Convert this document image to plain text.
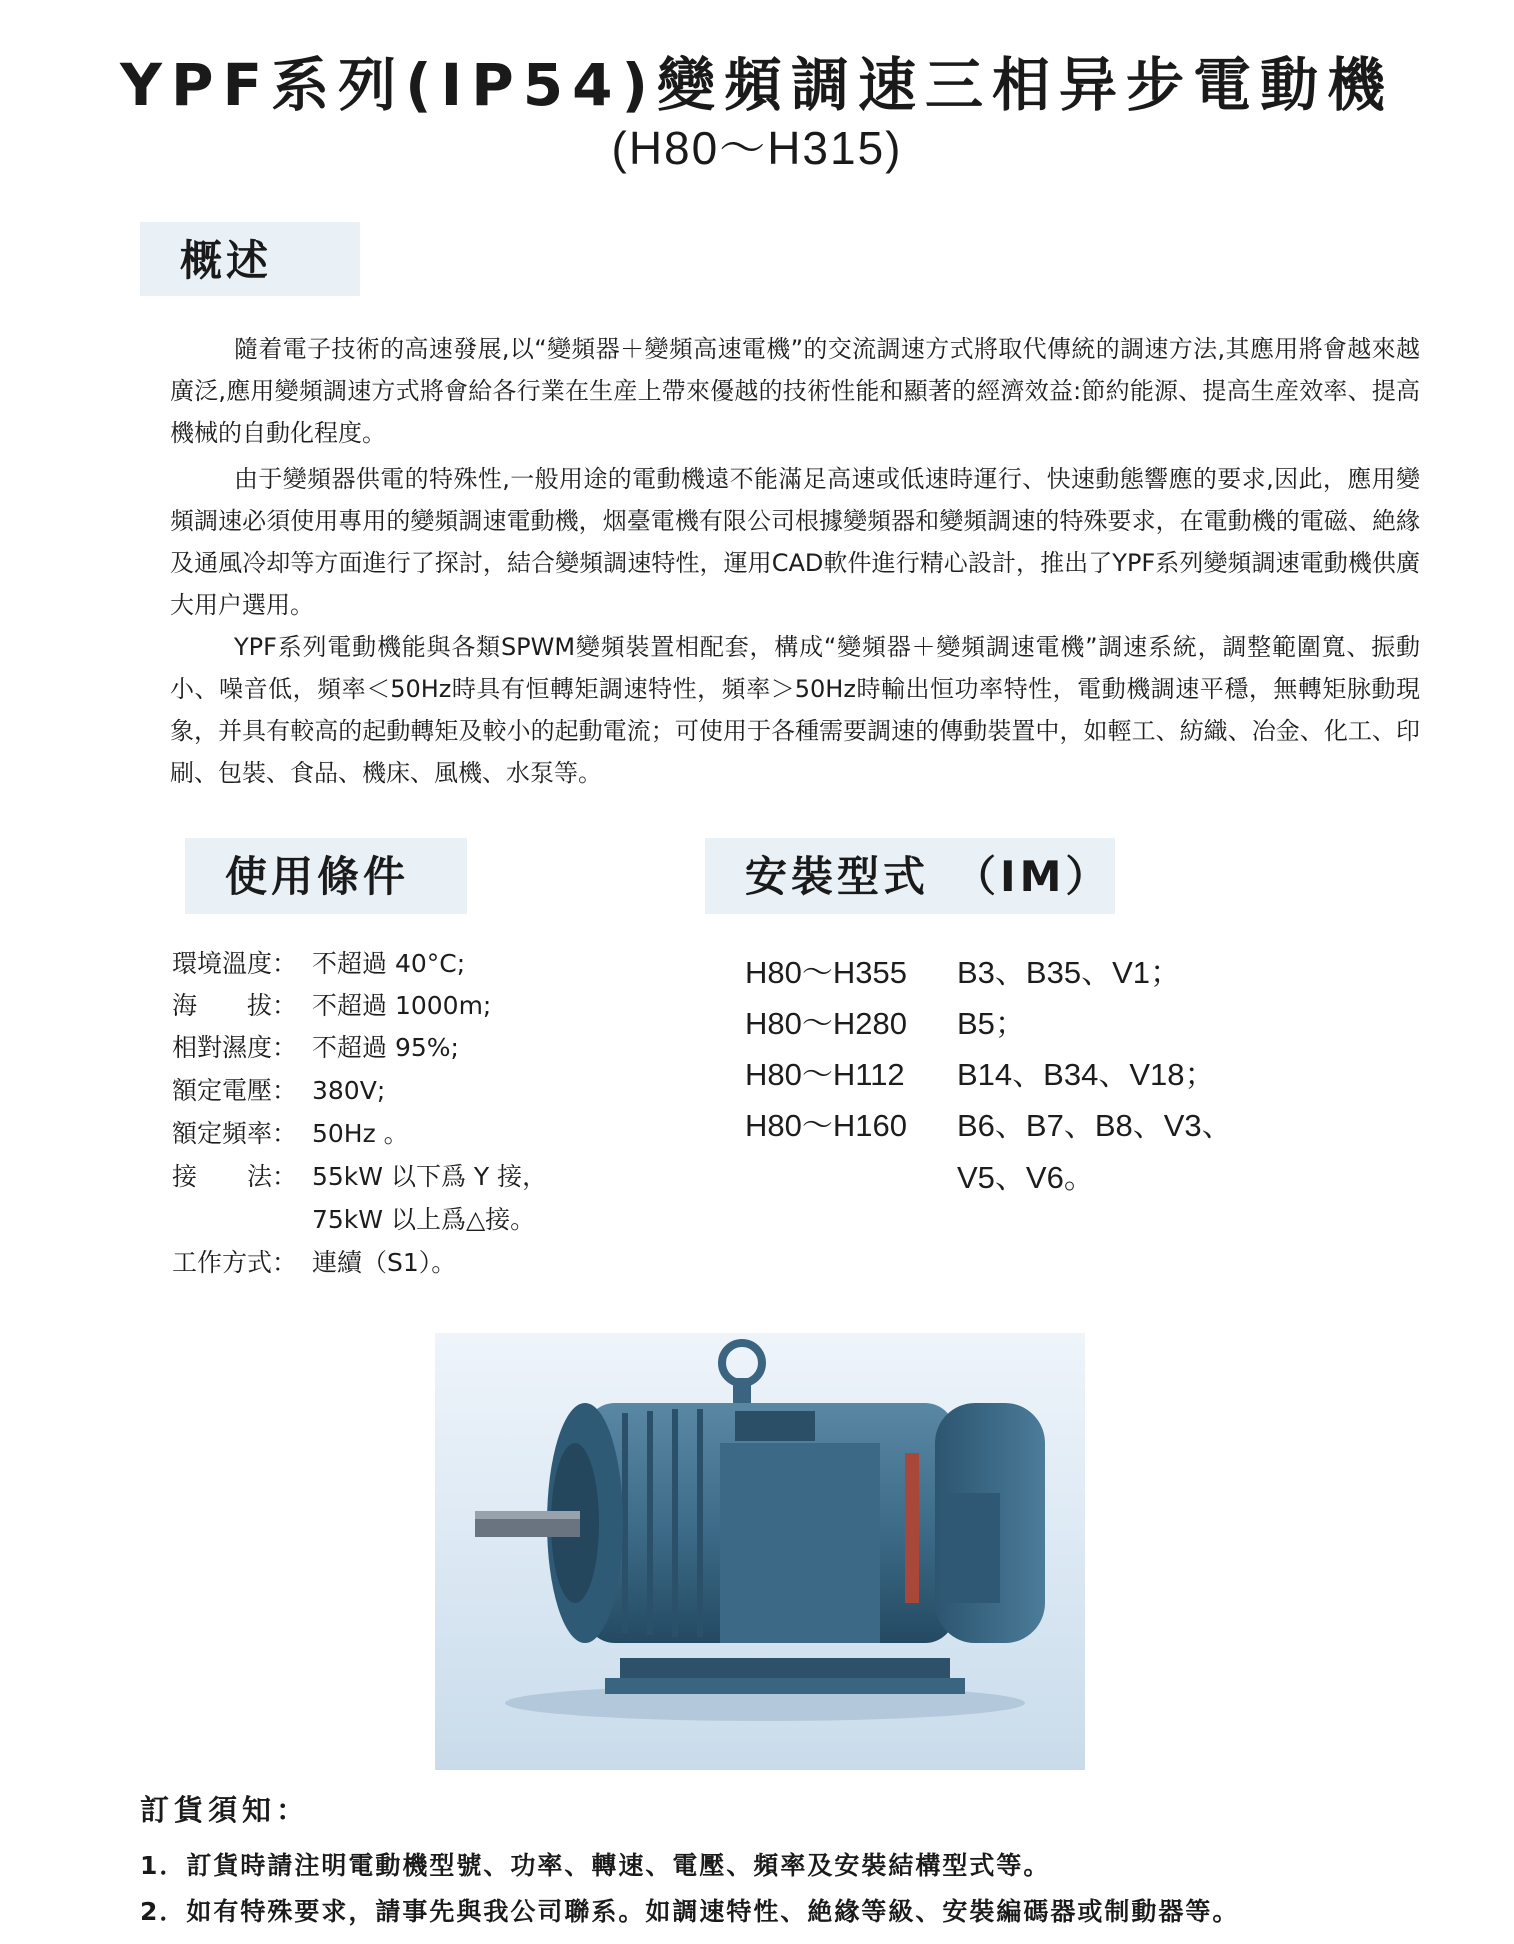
YPF系列(IP54)變頻調速三相异步電動機
(H80～H315)
概述
隨着電子技術的高速發展,以“變頻器＋變頻高速電機”的交流調速方式將取代傳統的調速方法,其應用將會越來越廣泛,應用變頻調速方式將會給各行業在生産上帶來優越的技術性能和顯著的經濟效益:節約能源、提高生産效率、提高機械的自動化程度。
由于變頻器供電的特殊性,一般用途的電動機遠不能滿足高速或低速時運行、快速動態響應的要求,因此，應用變頻調速必須使用專用的變頻調速電動機，烟臺電機有限公司根據變頻器和變頻調速的特殊要求，在電動機的電磁、絶緣及通風冷却等方面進行了探討，結合變頻調速特性，運用CAD軟件進行精心設計，推出了YPF系列變頻調速電動機供廣大用户選用。
YPF系列電動機能與各類SPWM變頻裝置相配套，構成“變頻器＋變頻調速電機”調速系統，調整範圍寬、振動小、噪音低，頻率＜50Hz時具有恒轉矩調速特性，頻率＞50Hz時輸出恒功率特性，電動機調速平穩，無轉矩脉動現象，并具有較高的起動轉矩及較小的起動電流；可使用于各種需要調速的傳動裝置中，如輕工、紡織、冶金、化工、印刷、包裝、食品、機床、風機、水泵等。
使用條件	安裝型式　（IM）
環境溫度： 不超過 40°C;
海　　拔： 不超過 1000m;
相對濕度： 不超過 95%;
額定電壓： 380V;
額定頻率： 50Hz 。
接　　法： 55kW 以下爲 Y 接，
75kW 以上爲△接。
工作方式： 連續（S1）。
H80～H355 B3、B35、V1；
H80～H280 B5；
H80～H112 B14、B34、V18；
H80～H160 B6、B7、B8、V3、
V5、V6。
訂貨須知：
1．訂貨時請注明電動機型號、功率、轉速、電壓、頻率及安裝結構型式等。
2．如有特殊要求，請事先與我公司聯系。如調速特性、絶緣等級、安裝編碼器或制動器等。
